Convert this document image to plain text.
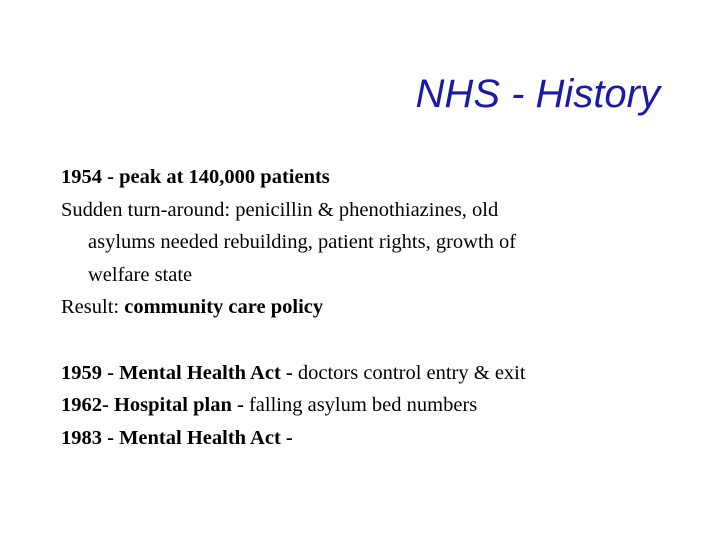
NHS - History

1954 - peak at 140,000 patients

Sudden turn-around: penicillin & phenothiazines, old

asylums needed rebuilding, patient rights, growth of

welfare state

Result: community care policy

1959 - Mental Health Act - doctors control entry & exit

1962- Hospital plan - falling asylum bed numbers

1983 - Mental Health Act -
